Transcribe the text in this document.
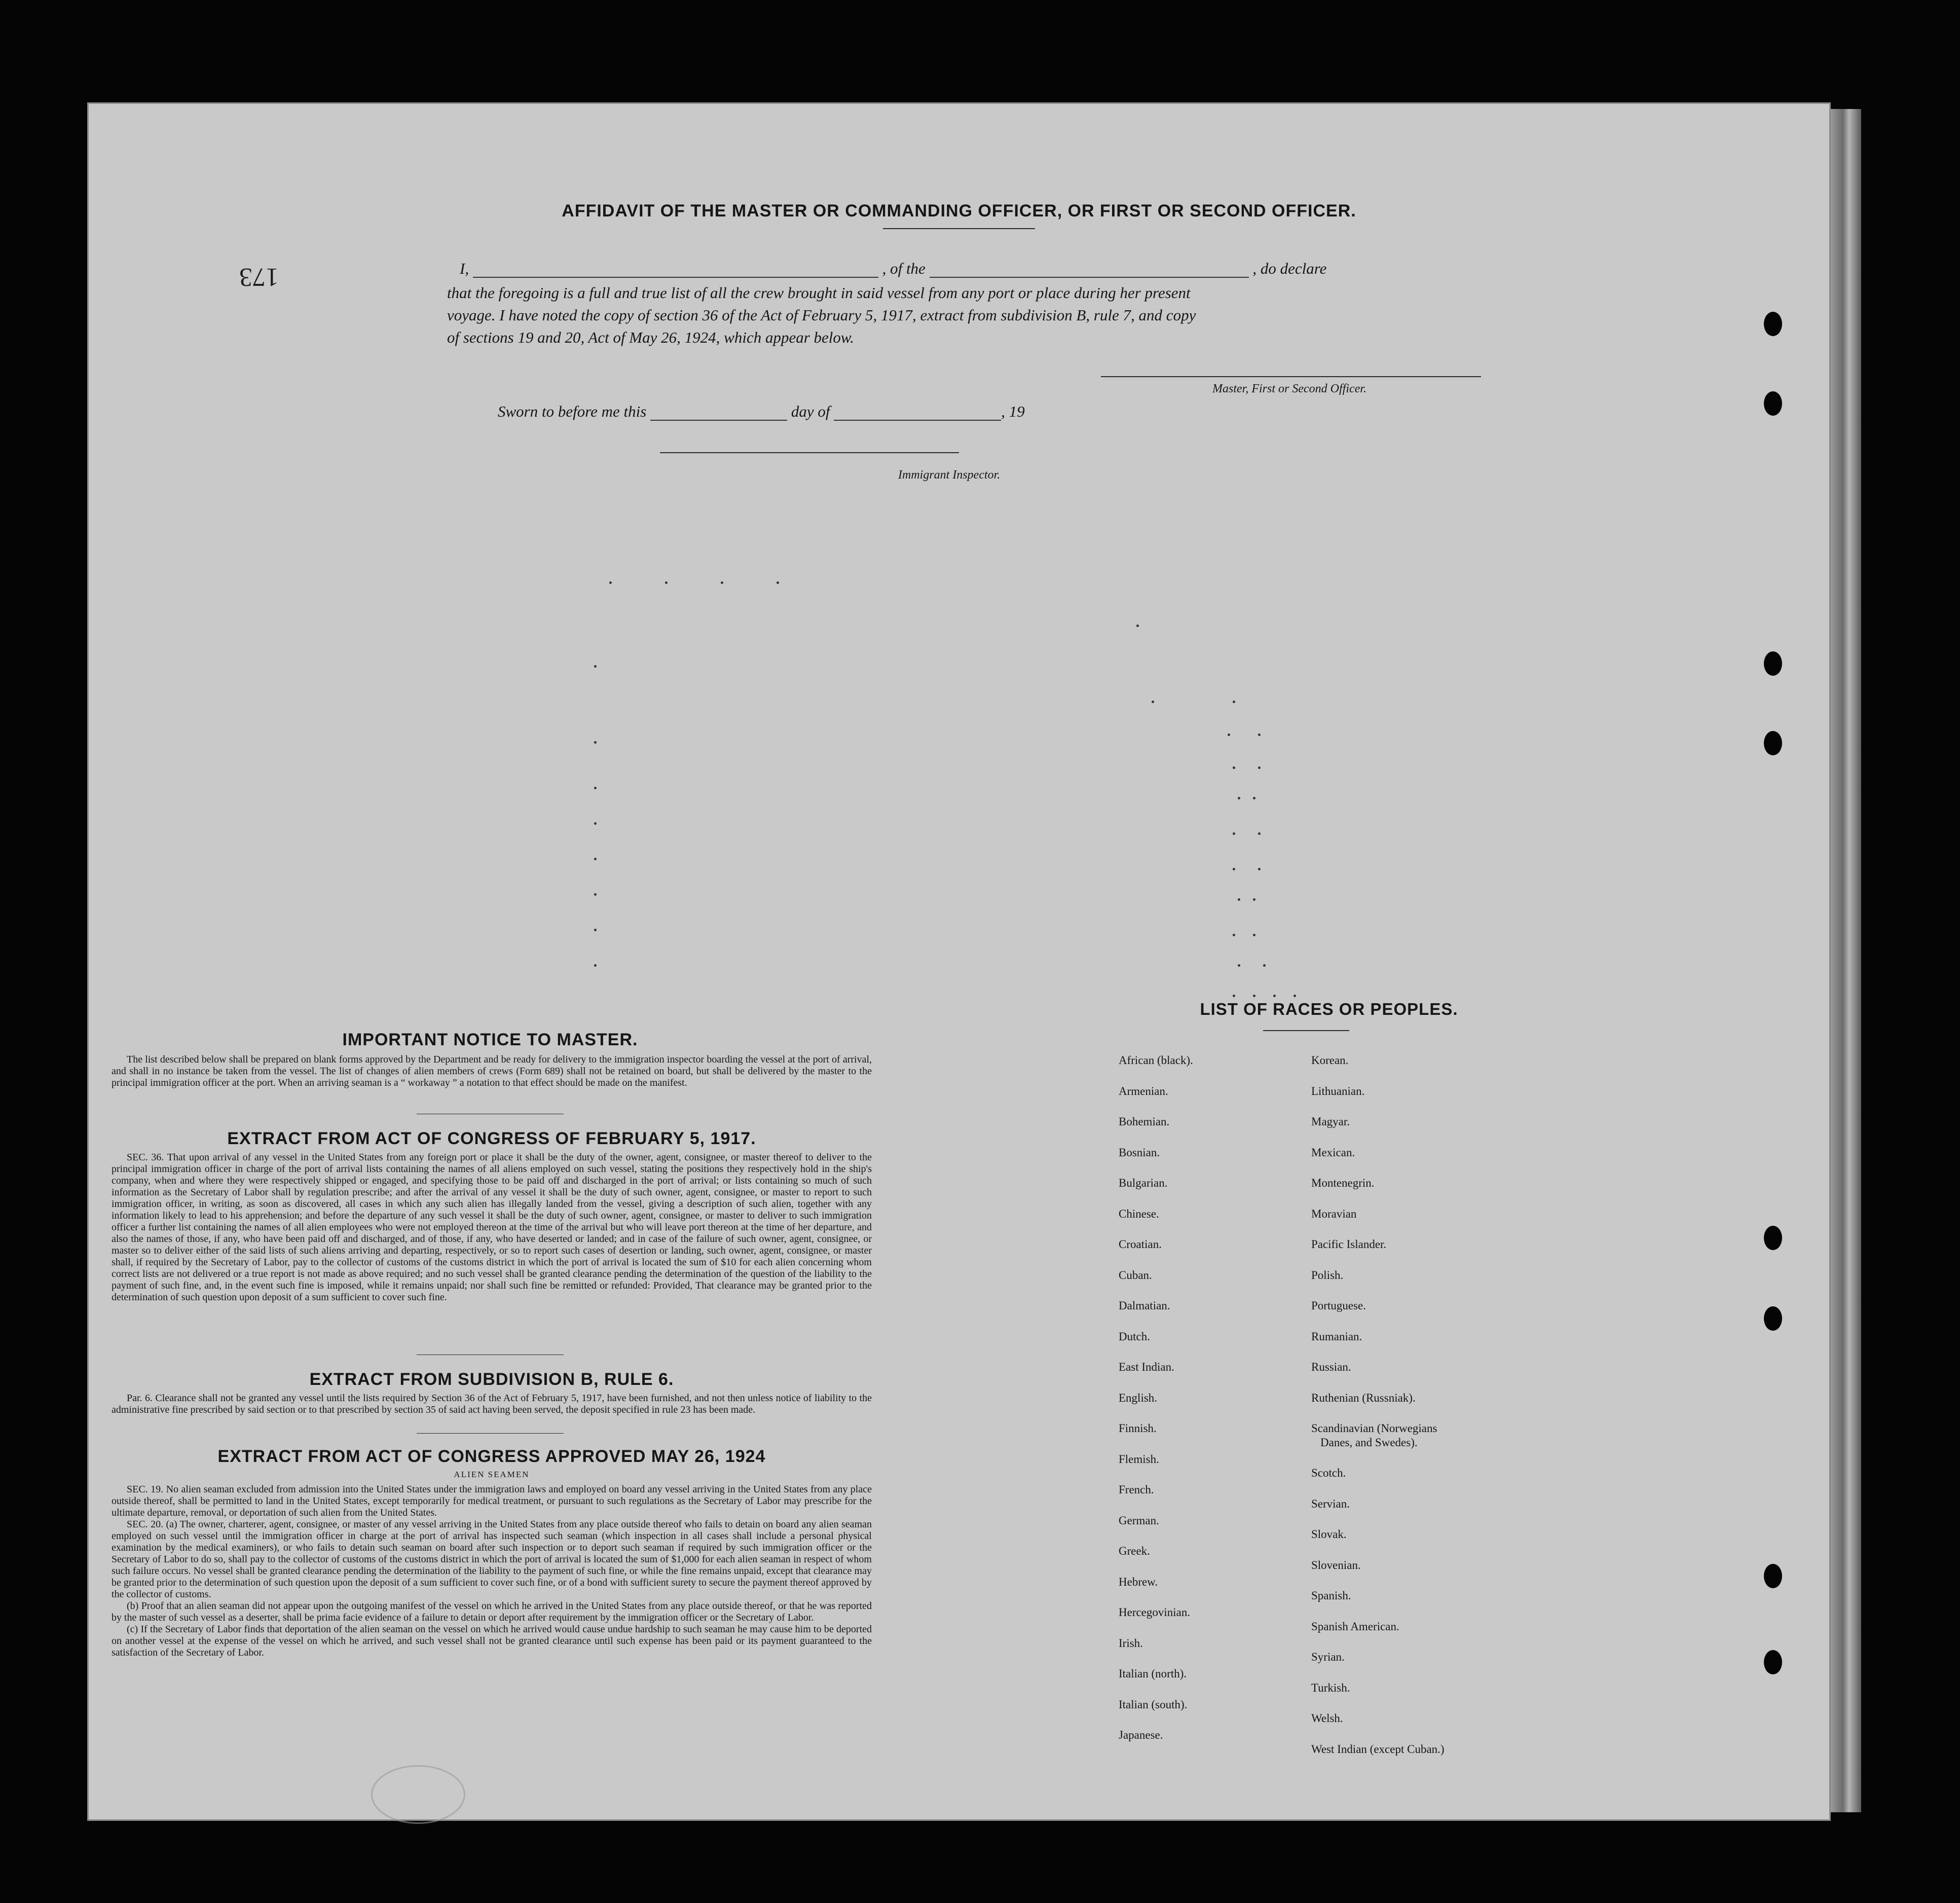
173
AFFIDAVIT OF THE MASTER OR COMMANDING OFFICER, OR FIRST OR SECOND OFFICER.
I,	, of the	, do declare
that the foregoing is a full and true list of all the crew brought in said vessel from any port or place during her present
voyage. I have noted the copy of section 36 of the Act of February 5, 1917, extract from subdivision B, rule 7, and copy
of sections 19 and 20, Act of May 26, 1924, which appear below.
Master, First or Second Officer.
Sworn to before me this	day of	, 19
Immigrant Inspector.
IMPORTANT NOTICE TO MASTER.

The list described below shall be prepared on blank forms approved by the Department and be ready for delivery to the immigration inspector boarding the vessel at the port of arrival, and shall in no instance be taken from the vessel. The list of changes of alien members of crews (Form 689) shall not be retained on board, but shall be delivered by the master to the principal immigration officer at the port. When an arriving seaman is a “ workaway ” a notation to that effect should be made on the manifest.

EXTRACT FROM ACT OF CONGRESS OF FEBRUARY 5, 1917.

SEC. 36. That upon arrival of any vessel in the United States from any foreign port or place it shall be the duty of the owner, agent, consignee, or master thereof to deliver to the principal immigration officer in charge of the port of arrival lists containing the names of all aliens employed on such vessel, stating the positions they respectively hold in the ship's company, when and where they were respectively shipped or engaged, and specifying those to be paid off and discharged in the port of arrival; or lists containing so much of such information as the Secretary of Labor shall by regulation prescribe; and after the arrival of any vessel it shall be the duty of such owner, agent, consignee, or master to report to such immigration officer, in writing, as soon as discovered, all cases in which any such alien has illegally landed from the vessel, giving a description of such alien, together with any information likely to lead to his apprehension; and before the departure of any such vessel it shall be the duty of such owner, agent, consignee, or master to deliver to such immigration officer a further list containing the names of all alien employees who were not employed thereon at the time of the arrival but who will leave port thereon at the time of her departure, and also the names of those, if any, who have been paid off and discharged, and of those, if any, who have deserted or landed; and in case of the failure of such owner, agent, consignee, or master so to deliver either of the said lists of such aliens arriving and departing, respectively, or so to report such cases of desertion or landing, such owner, agent, consignee, or master shall, if required by the Secretary of Labor, pay to the collector of customs of the customs district in which the port of arrival is located the sum of $10 for each alien concerning whom correct lists are not delivered or a true report is not made as above required; and no such vessel shall be granted clearance pending the determination of the question of the liability to the payment of such fine, and, in the event such fine is imposed, while it remains unpaid; nor shall such fine be remitted or refunded: Provided, That clearance may be granted prior to the determination of such question upon deposit of a sum sufficient to cover such fine.

EXTRACT FROM SUBDIVISION B, RULE 6.

Par. 6. Clearance shall not be granted any vessel until the lists required by Section 36 of the Act of February 5, 1917, have been furnished, and not then unless notice of liability to the administrative fine prescribed by said section or to that prescribed by section 35 of said act having been served, the deposit specified in rule 23 has been made.

EXTRACT FROM ACT OF CONGRESS APPROVED MAY 26, 1924
ALIEN SEAMEN

SEC. 19. No alien seaman excluded from admission into the United States under the immigration laws and employed on board any vessel arriving in the United States from any place outside thereof, shall be permitted to land in the United States, except temporarily for medical treatment, or pursuant to such regulations as the Secretary of Labor may prescribe for the ultimate departure, removal, or deportation of such alien from the United States.

SEC. 20. (a) The owner, charterer, agent, consignee, or master of any vessel arriving in the United States from any place outside thereof who fails to detain on board any alien seaman employed on such vessel until the immigration officer in charge at the port of arrival has inspected such seaman (which inspection in all cases shall include a personal physical examination by the medical examiners), or who fails to detain such seaman on board after such inspection or to deport such seaman if required by such immigration officer or the Secretary of Labor to do so, shall pay to the collector of customs of the customs district in which the port of arrival is located the sum of $1,000 for each alien seaman in respect of whom such failure occurs. No vessel shall be granted clearance pending the determination of the liability to the payment of such fine, or while the fine remains unpaid, except that clearance may be granted prior to the determination of such question upon the deposit of a sum sufficient to cover such fine, or of a bond with sufficient surety to secure the payment thereof approved by the collector of customs.

(b) Proof that an alien seaman did not appear upon the outgoing manifest of the vessel on which he arrived in the United States from any place outside thereof, or that he was reported by the master of such vessel as a deserter, shall be prima facie evidence of a failure to detain or deport after requirement by the immigration officer or the Secretary of Labor.

(c) If the Secretary of Labor finds that deportation of the alien seaman on the vessel on which he arrived would cause undue hardship to such seaman he may cause him to be deported on another vessel at the expense of the vessel on which he arrived, and such vessel shall not be granted clearance until such expense has been paid or its payment guaranteed to the satisfaction of the Secretary of Labor.

LIST OF RACES OR PEOPLES.
African (black).
Armenian.
Bohemian.
Bosnian.
Bulgarian.
Chinese.
Croatian.
Cuban.
Dalmatian.
Dutch.
East Indian.
English.
Finnish.
Flemish.
French.
German.
Greek.
Hebrew.
Hercegovinian.
Irish.
Italian (north).
Italian (south).
Japanese.
Korean.
Lithuanian.
Magyar.
Mexican.
Montenegrin.
Moravian
Pacific Islander.
Polish.
Portuguese.
Rumanian.
Russian.
Ruthenian (Russniak).
Scandinavian (Norwegians
Danes, and Swedes).
Scotch.
Servian.
Slovak.
Slovenian.
Spanish.
Spanish American.
Syrian.
Turkish.
Welsh.
West Indian (except Cuban.)
